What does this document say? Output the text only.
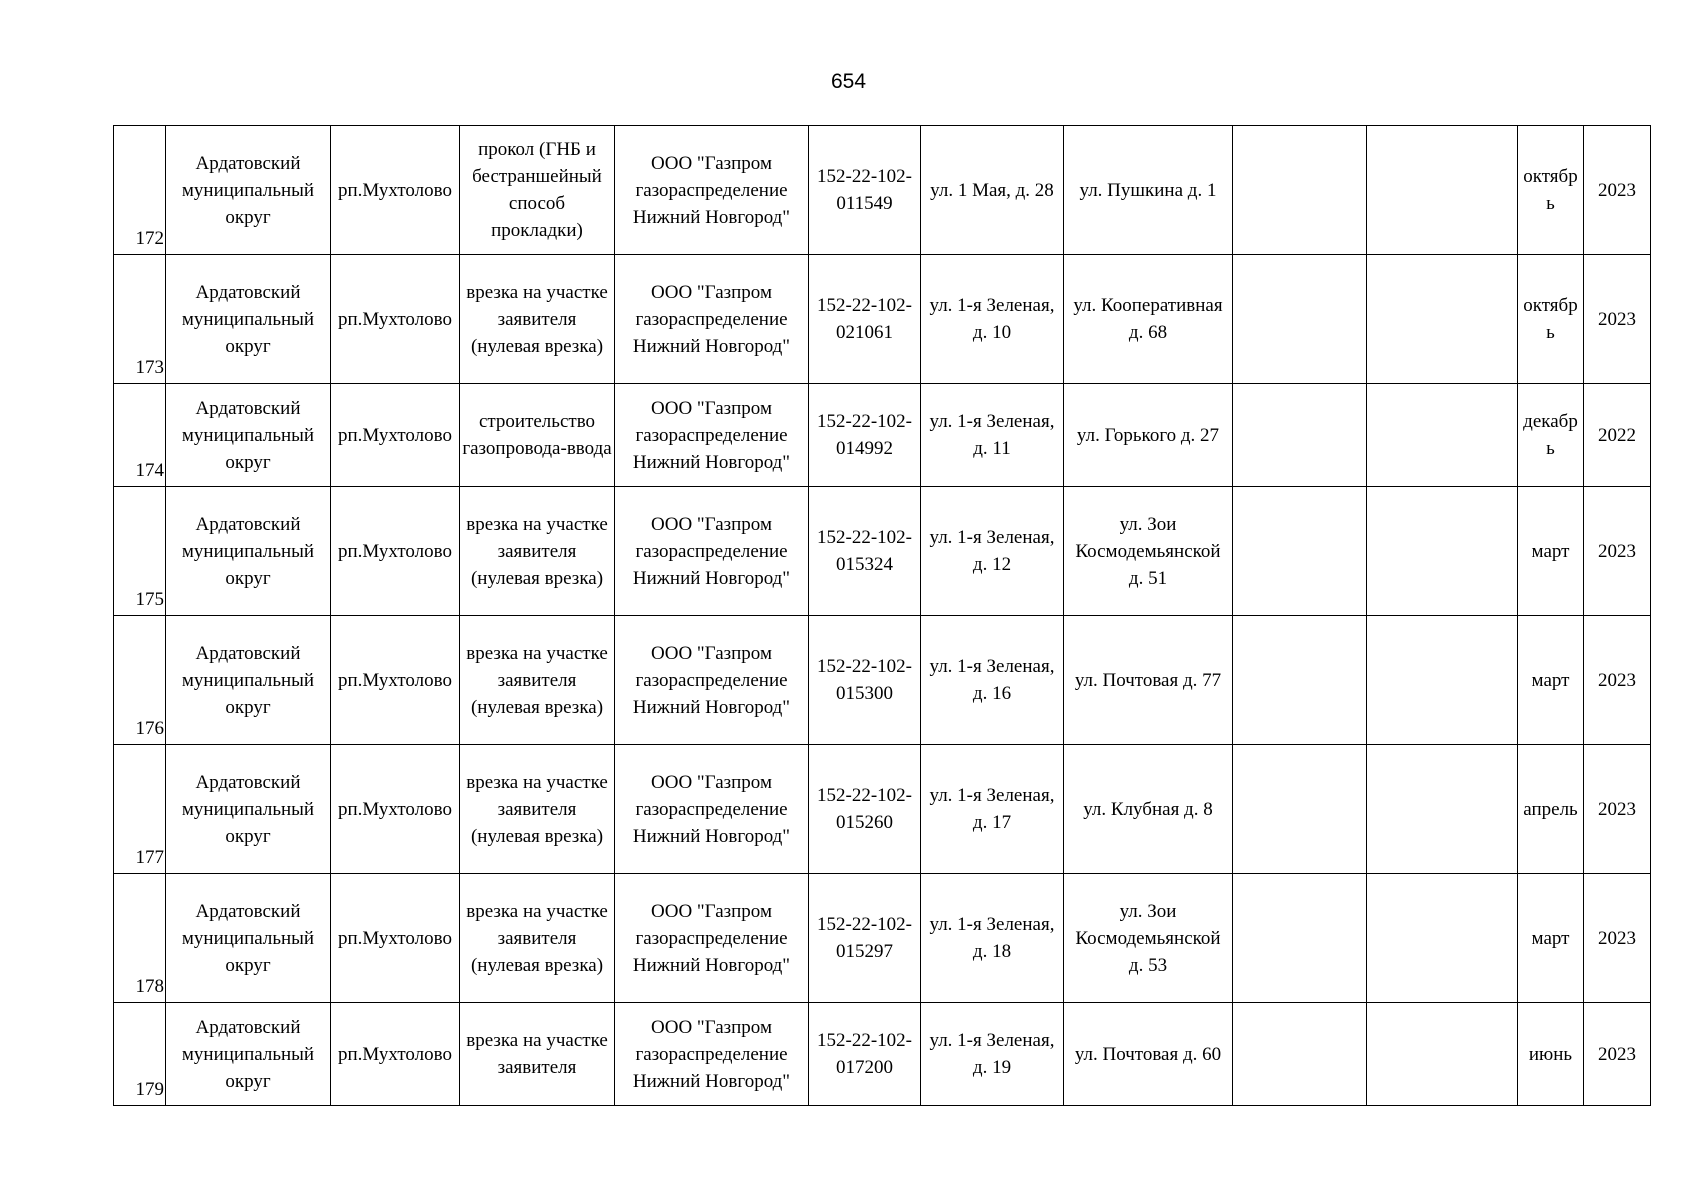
654
172	Ардатовский муниципальный округ	рп.Мухтолово	прокол (ГНБ и бестраншейный способ прокладки)	ООО "Газпром газораспределение Нижний Новгород"	152-22-102-011549	ул. 1 Мая, д. 28	ул. Пушкина д. 1			октябрь	2023
173	Ардатовский муниципальный округ	рп.Мухтолово	врезка на участке заявителя (нулевая врезка)	ООО "Газпром газораспределение Нижний Новгород"	152-22-102-021061	ул. 1-я Зеленая, д. 10	ул. Кооперативная д. 68			октябрь	2023
174	Ардатовский муниципальный округ	рп.Мухтолово	строительство газопровода-ввода	ООО "Газпром газораспределение Нижний Новгород"	152-22-102-014992	ул. 1-я Зеленая, д. 11	ул. Горького д. 27			декабрь	2022
175	Ардатовский муниципальный округ	рп.Мухтолово	врезка на участке заявителя (нулевая врезка)	ООО "Газпром газораспределение Нижний Новгород"	152-22-102-015324	ул. 1-я Зеленая, д. 12	ул. Зои Космодемьянской д. 51			март	2023
176	Ардатовский муниципальный округ	рп.Мухтолово	врезка на участке заявителя (нулевая врезка)	ООО "Газпром газораспределение Нижний Новгород"	152-22-102-015300	ул. 1-я Зеленая, д. 16	ул. Почтовая д. 77			март	2023
177	Ардатовский муниципальный округ	рп.Мухтолово	врезка на участке заявителя (нулевая врезка)	ООО "Газпром газораспределение Нижний Новгород"	152-22-102-015260	ул. 1-я Зеленая, д. 17	ул. Клубная д. 8			апрель	2023
178	Ардатовский муниципальный округ	рп.Мухтолово	врезка на участке заявителя (нулевая врезка)	ООО "Газпром газораспределение Нижний Новгород"	152-22-102-015297	ул. 1-я Зеленая, д. 18	ул. Зои Космодемьянской д. 53			март	2023
179	Ардатовский муниципальный округ	рп.Мухтолово	врезка на участке заявителя	ООО "Газпром газораспределение Нижний Новгород"	152-22-102-017200	ул. 1-я Зеленая, д. 19	ул. Почтовая д. 60			июнь	2023
